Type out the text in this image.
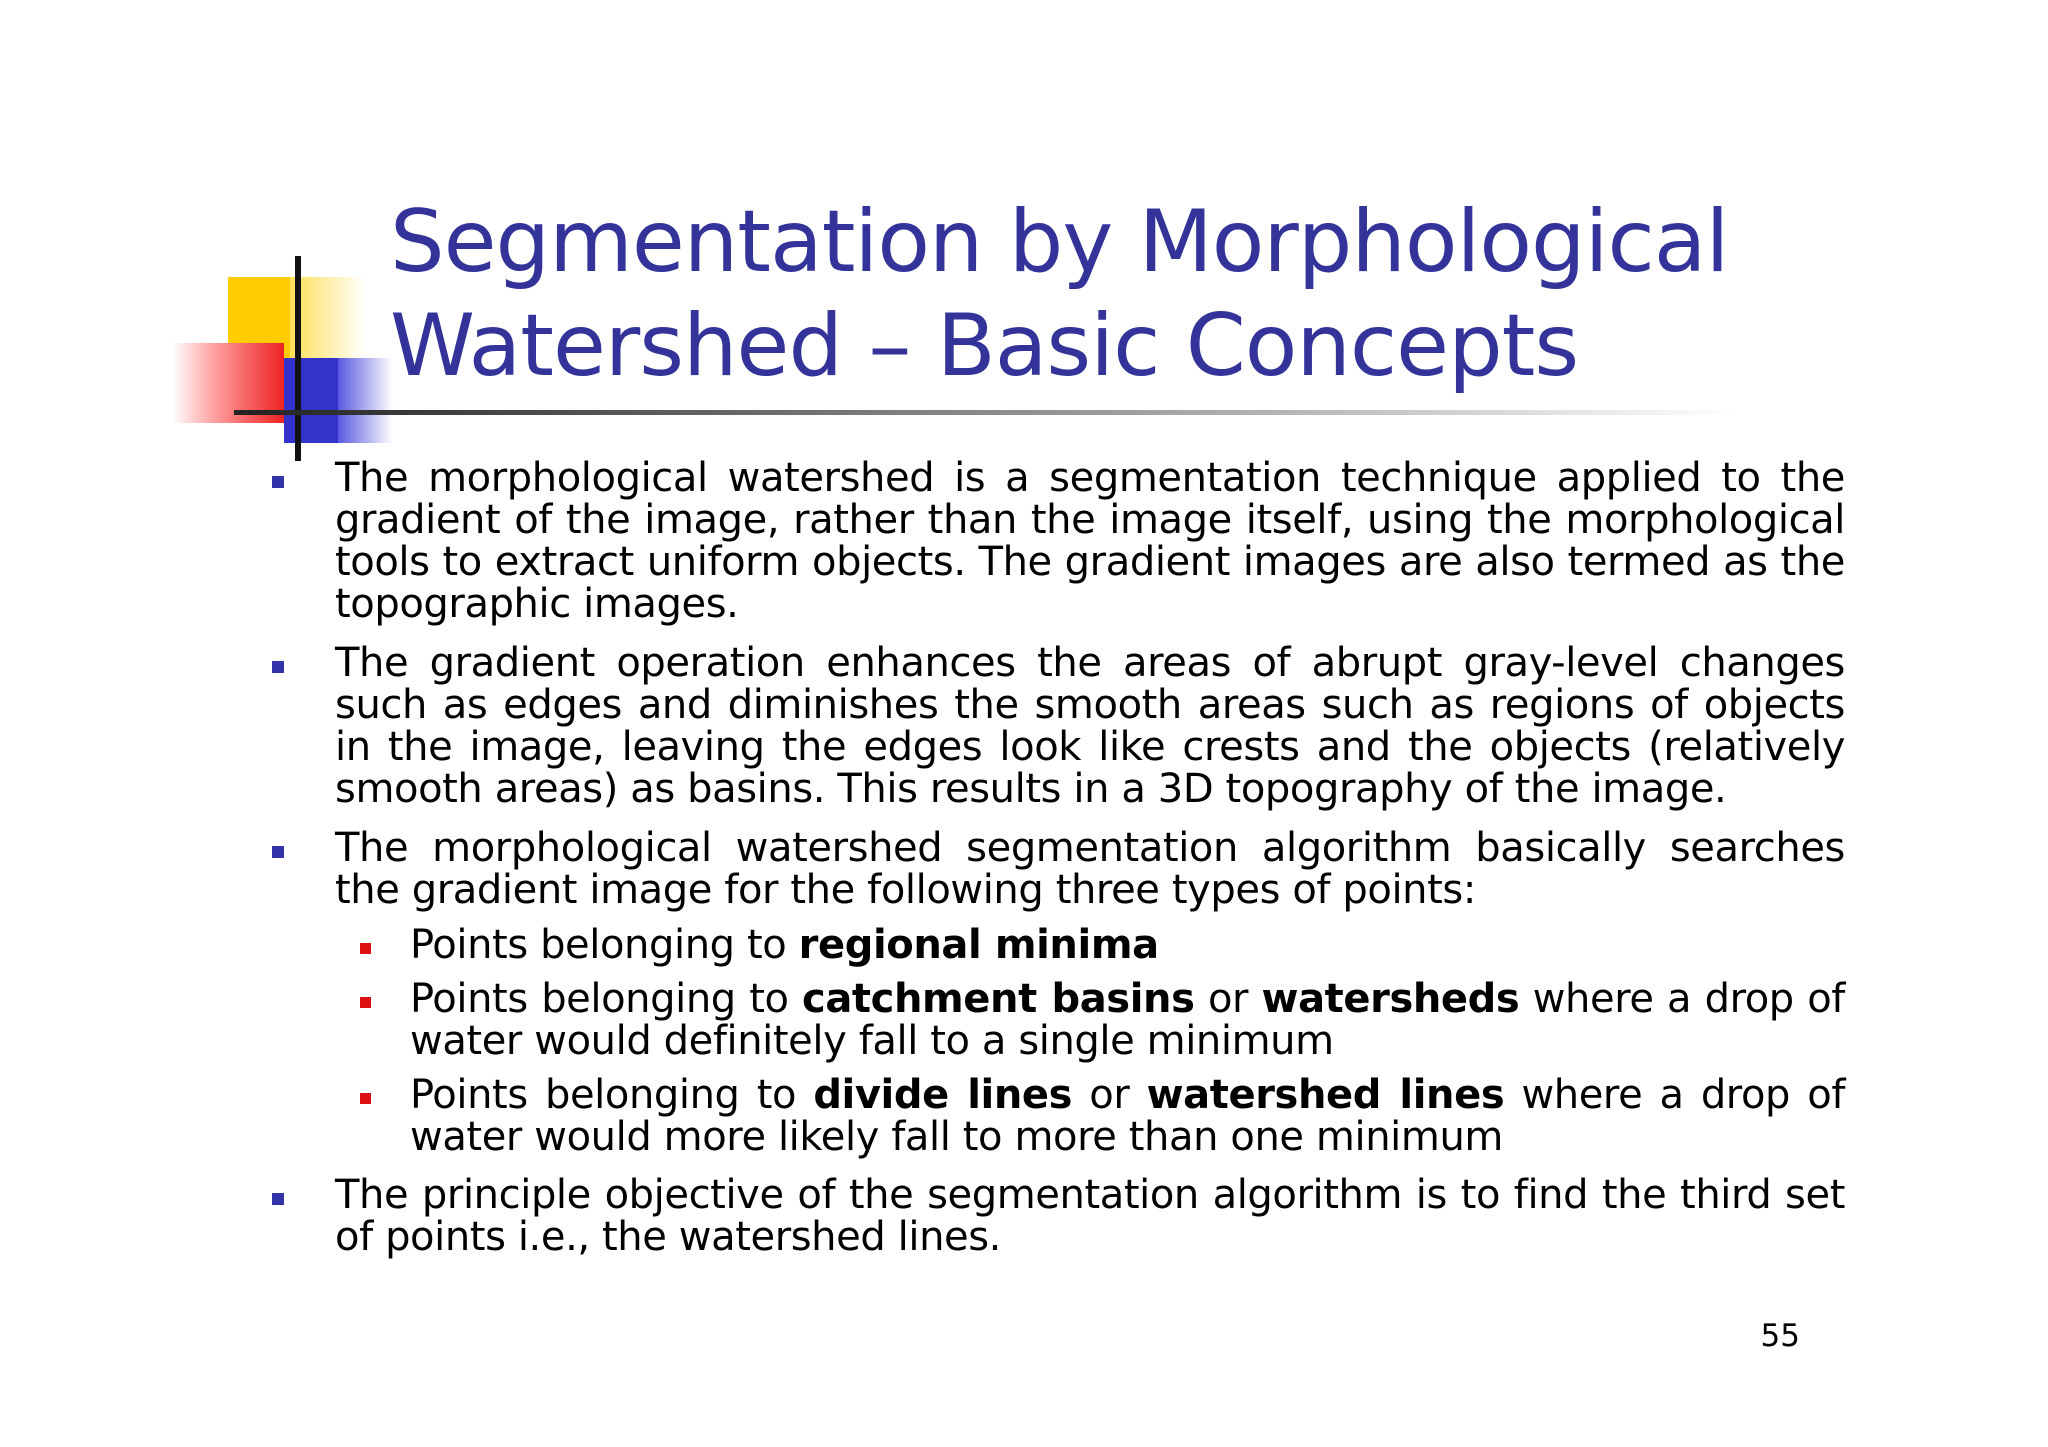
Segmentation by Morphological
Watershed – Basic Concepts
The morphological watershed is a segmentation technique applied to the gradient of the image, rather than the image itself, using the morphological tools to extract uniform objects. The gradient images are also termed as the topographic images.
The gradient operation enhances the areas of abrupt gray-level changes such as edges and diminishes the smooth areas such as regions of objects in the image, leaving the edges look like crests and the objects (relatively smooth areas) as basins. This results in a 3D topography of the image.
The morphological watershed segmentation algorithm basically searches the gradient image for the following three types of points:
Points belonging to regional minima
Points belonging to catchment basins or watersheds where a drop of water would definitely fall to a single minimum
Points belonging to divide lines or watershed lines where a drop of water would more likely fall to more than one minimum
The principle objective of the segmentation algorithm is to find the third set of points i.e., the watershed lines.
55
